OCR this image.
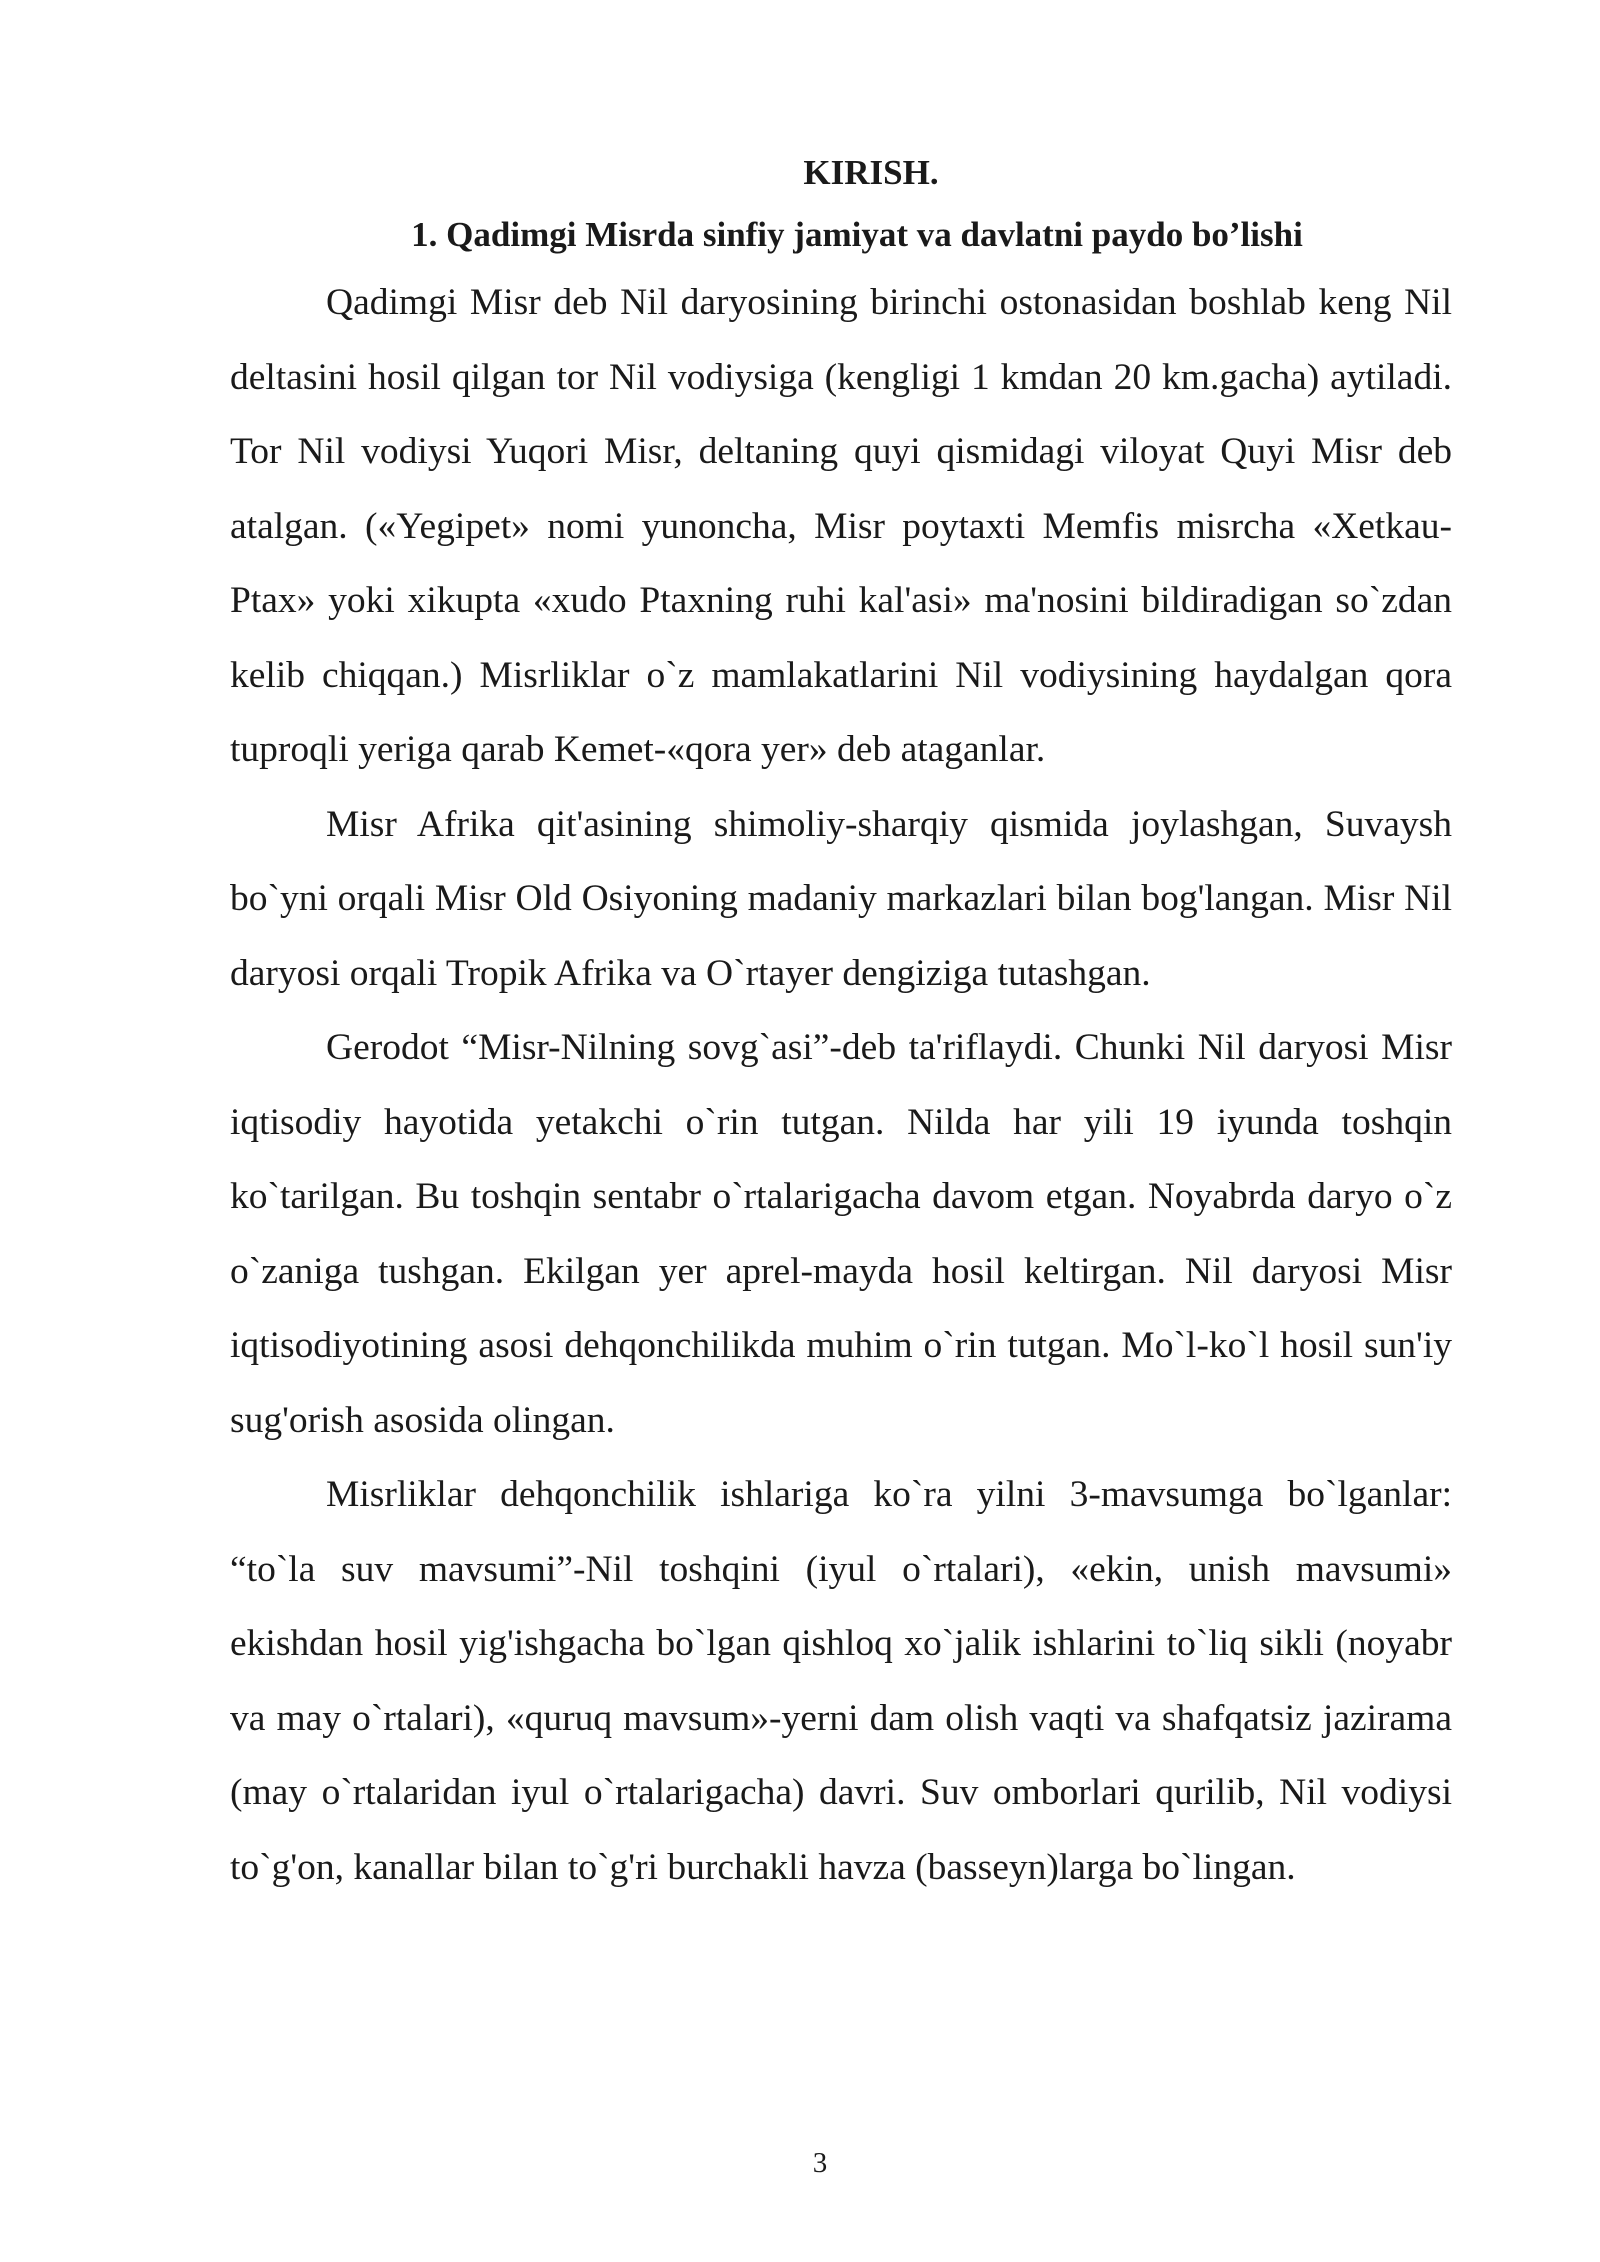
KIRISH.
1. Qadimgi Misrda sinfiy jamiyat va davlatni paydo bo’lishi

Qadimgi Misr deb Nil daryosining birinchi ostonasidan boshlab keng Nil deltasini hosil qilgan tor Nil vodiysiga (kengligi 1 kmdan 20 km.gacha) aytiladi. Tor Nil vodiysi Yuqori Misr, deltaning quyi qismidagi viloyat Quyi Misr deb atalgan. («Yegipet» nomi yunoncha, Misr poytaxti Memfis misrcha «Xetkau-Ptax» yoki xikupta «xudo Ptaxning ruhi kal'asi» ma'nosini bildiradigan so`zdan kelib chiqqan.) Misrliklar o`z mamlakatlarini Nil vodiysining haydalgan qora tuproqli yeriga qarab Kemet-«qora yer» deb ataganlar.

Misr Afrika qit'asining shimoliy-sharqiy qismida joylashgan, Suvaysh bo`yni orqali Misr Old Osiyoning madaniy markazlari bilan bog'langan. Misr Nil daryosi orqali Tropik Afrika va O`rtayer dengiziga tutashgan.

Gerodot “Misr-Nilning sovg`asi”-deb ta'riflaydi. Chunki Nil daryosi Misr iqtisodiy hayotida yetakchi o`rin tutgan. Nilda har yili 19 iyunda toshqin ko`tarilgan. Bu toshqin sentabr o`rtalarigacha davom etgan. Noyabrda daryo o`z o`zaniga tushgan. Ekilgan yer aprel-mayda hosil keltirgan. Nil daryosi Misr iqtisodiyotining asosi dehqonchilikda muhim o`rin tutgan. Mo`l-ko`l hosil sun'iy sug'orish asosida olingan.

Misrliklar dehqonchilik ishlariga ko`ra yilni 3-mavsumga bo`lganlar: “to`la suv mavsumi”-Nil toshqini (iyul o`rtalari), «ekin, unish mavsumi» ekishdan hosil yig'ishgacha bo`lgan qishloq xo`jalik ishlarini to`liq sikli (noyabr va may o`rtalari), «quruq mavsum»-yerni dam olish vaqti va shafqatsiz jazirama (may o`rtalaridan iyul o`rtalarigacha) davri. Suv omborlari qurilib, Nil vodiysi to`g'on, kanallar bilan to`g'ri burchakli havza (basseyn)larga bo`lingan.

3
